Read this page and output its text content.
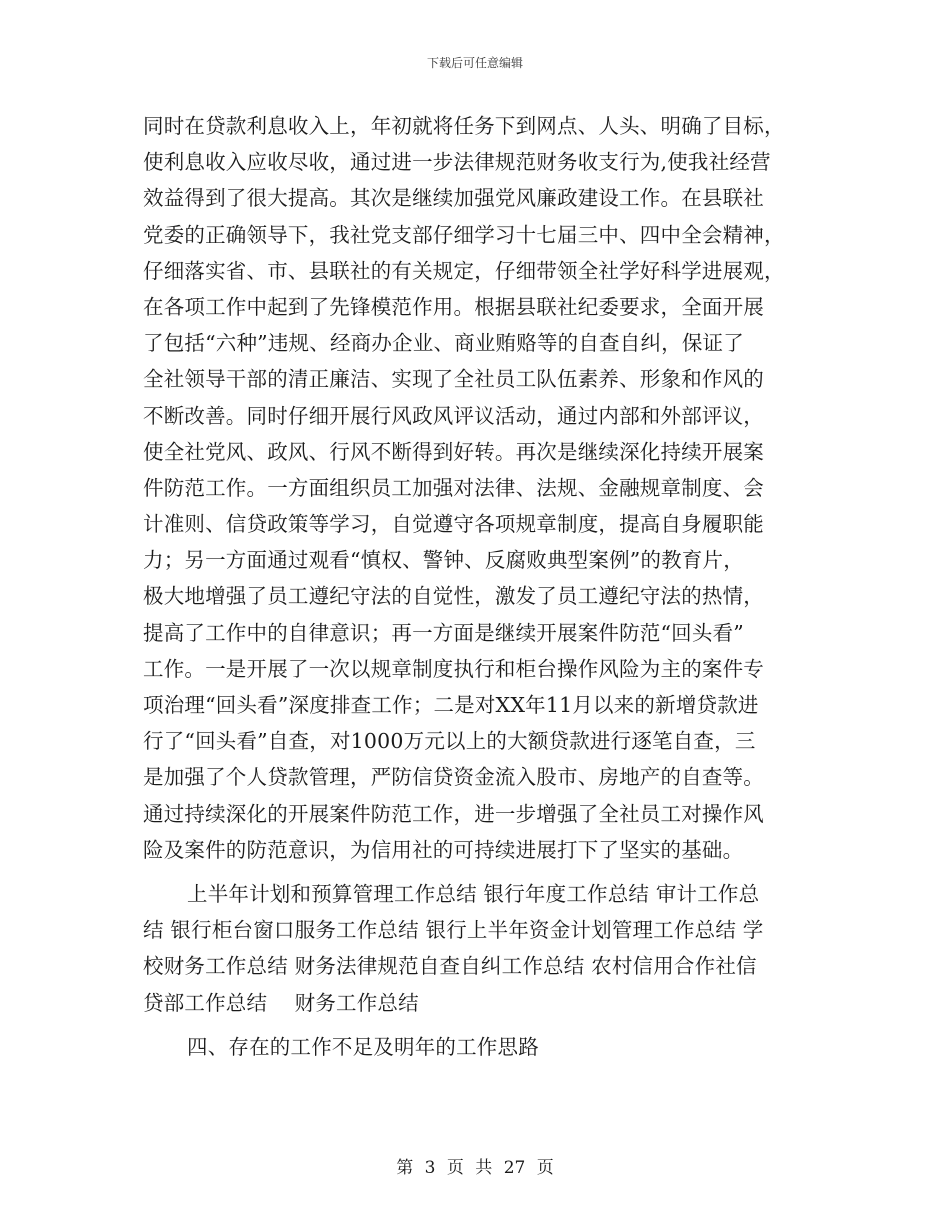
下载后可任意编辑
同时在贷款利息收入上，年初就将任务下到网点、人头、明确了目标，
使利息收入应收尽收，通过进一步法律规范财务收支行为,使我社经营
效益得到了很大提高。其次是继续加强党风廉政建设工作。在县联社
党委的正确领导下，我社党支部仔细学习十七届三中、四中全会精神，
仔细落实省、市、县联社的有关规定，仔细带领全社学好科学进展观，
在各项工作中起到了先锋模范作用。根据县联社纪委要求，全面开展
了包括“六种”违规、经商办企业、商业贿赂等的自查自纠，保证了
全社领导干部的清正廉洁、实现了全社员工队伍素养、形象和作风的
不断改善。同时仔细开展行风政风评议活动，通过内部和外部评议，
使全社党风、政风、行风不断得到好转。再次是继续深化持续开展案
件防范工作。一方面组织员工加强对法律、法规、金融规章制度、会
计准则、信贷政策等学习，自觉遵守各项规章制度，提高自身履职能
力；另一方面通过观看“慎权、警钟、反腐败典型案例”的教育片，
极大地增强了员工遵纪守法的自觉性，激发了员工遵纪守法的热情，
提高了工作中的自律意识；再一方面是继续开展案件防范“回头看”
工作。一是开展了一次以规章制度执行和柜台操作风险为主的案件专
项治理“回头看”深度排查工作；二是对XX年11月以来的新增贷款进
行了“回头看”自查，对1000万元以上的大额贷款进行逐笔自查，三
是加强了个人贷款管理，严防信贷资金流入股市、房地产的自查等。
通过持续深化的开展案件防范工作，进一步增强了全社员工对操作风
险及案件的防范意识，为信用社的可持续进展打下了坚实的基础。
上半年计划和预算管理工作总结 银行年度工作总结 审计工作总
结 银行柜台窗口服务工作总结 银行上半年资金计划管理工作总结 学
校财务工作总结 财务法律规范自查自纠工作总结 农村信用合作社信
贷部工作总结　 财务工作总结
四、存在的工作不足及明年的工作思路
第 3 页 共 27 页
